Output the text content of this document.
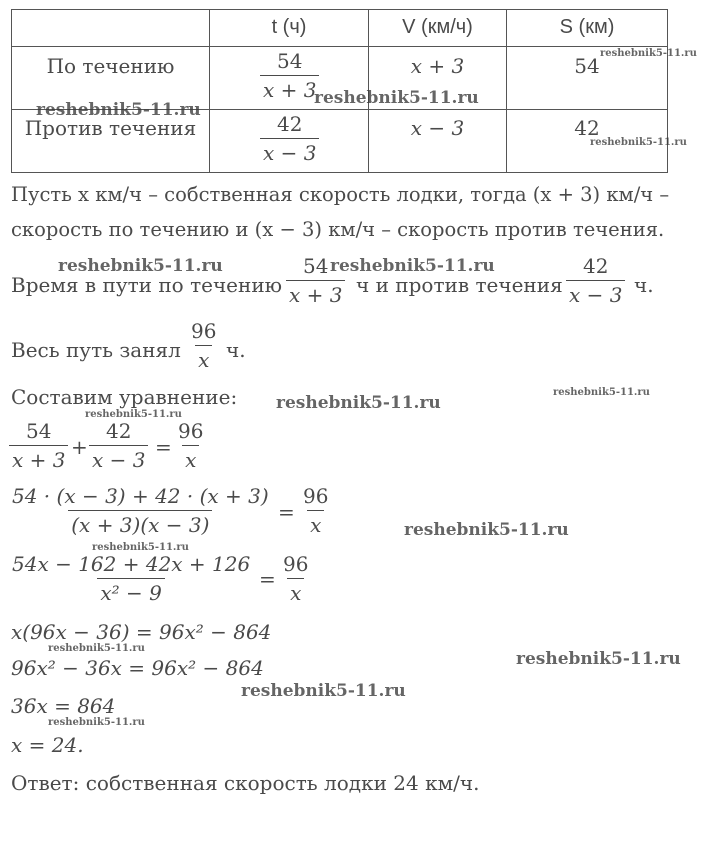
	t (ч)	V (км/ч)	S (км)

По течению	$\frac{54}{x + 3}$	x + 3	54

Против течения	$\frac{42}{x - 3}$	x − 3	42
Пусть x км/ч – собственная скорость лодки, тогда (x + 3) км/ч –
скорость по течению и (x − 3) км/ч – скорость против течения.
Время в пути по течению $\frac{54}{x + 3}$ ч и против течения $\frac{42}{x - 3} ч$.
Весь путь занял $\frac{96}{x} ч$.
Составим уравнение:
$\frac{54}{x + 3} + \frac{42}{x - 3} = \frac{96}{x}$
$\frac{54 \cdot (x - 3) + 42 \cdot (x + 3)}{(x + 3)(x - 3)} = \frac{96}{x}$
$\frac{54x - 162 + 42x + 126}{\text{x² − 9}} = \frac{96}{x}$
x(96x − 36) = 96x² − 864
96x² − 36x = 96x² − 864
36x = 864
x = 24.
Ответ: собственная скорость лодки 24 км/ч.
reshebnik5-11.ru
reshebnik5-11.ru
reshebnik5-11.ru
reshebnik5-11.ru
reshebnik5-11.ru	reshebnik5-11.ru
reshebnik5-11.ru
reshebnik5-11.ru
reshebnik5-11.ru
reshebnik5-11.ru
reshebnik5-11.ru
reshebnik5-11.ru
reshebnik5-11.ru
reshebnik5-11.ru
reshebnik5-11.ru
